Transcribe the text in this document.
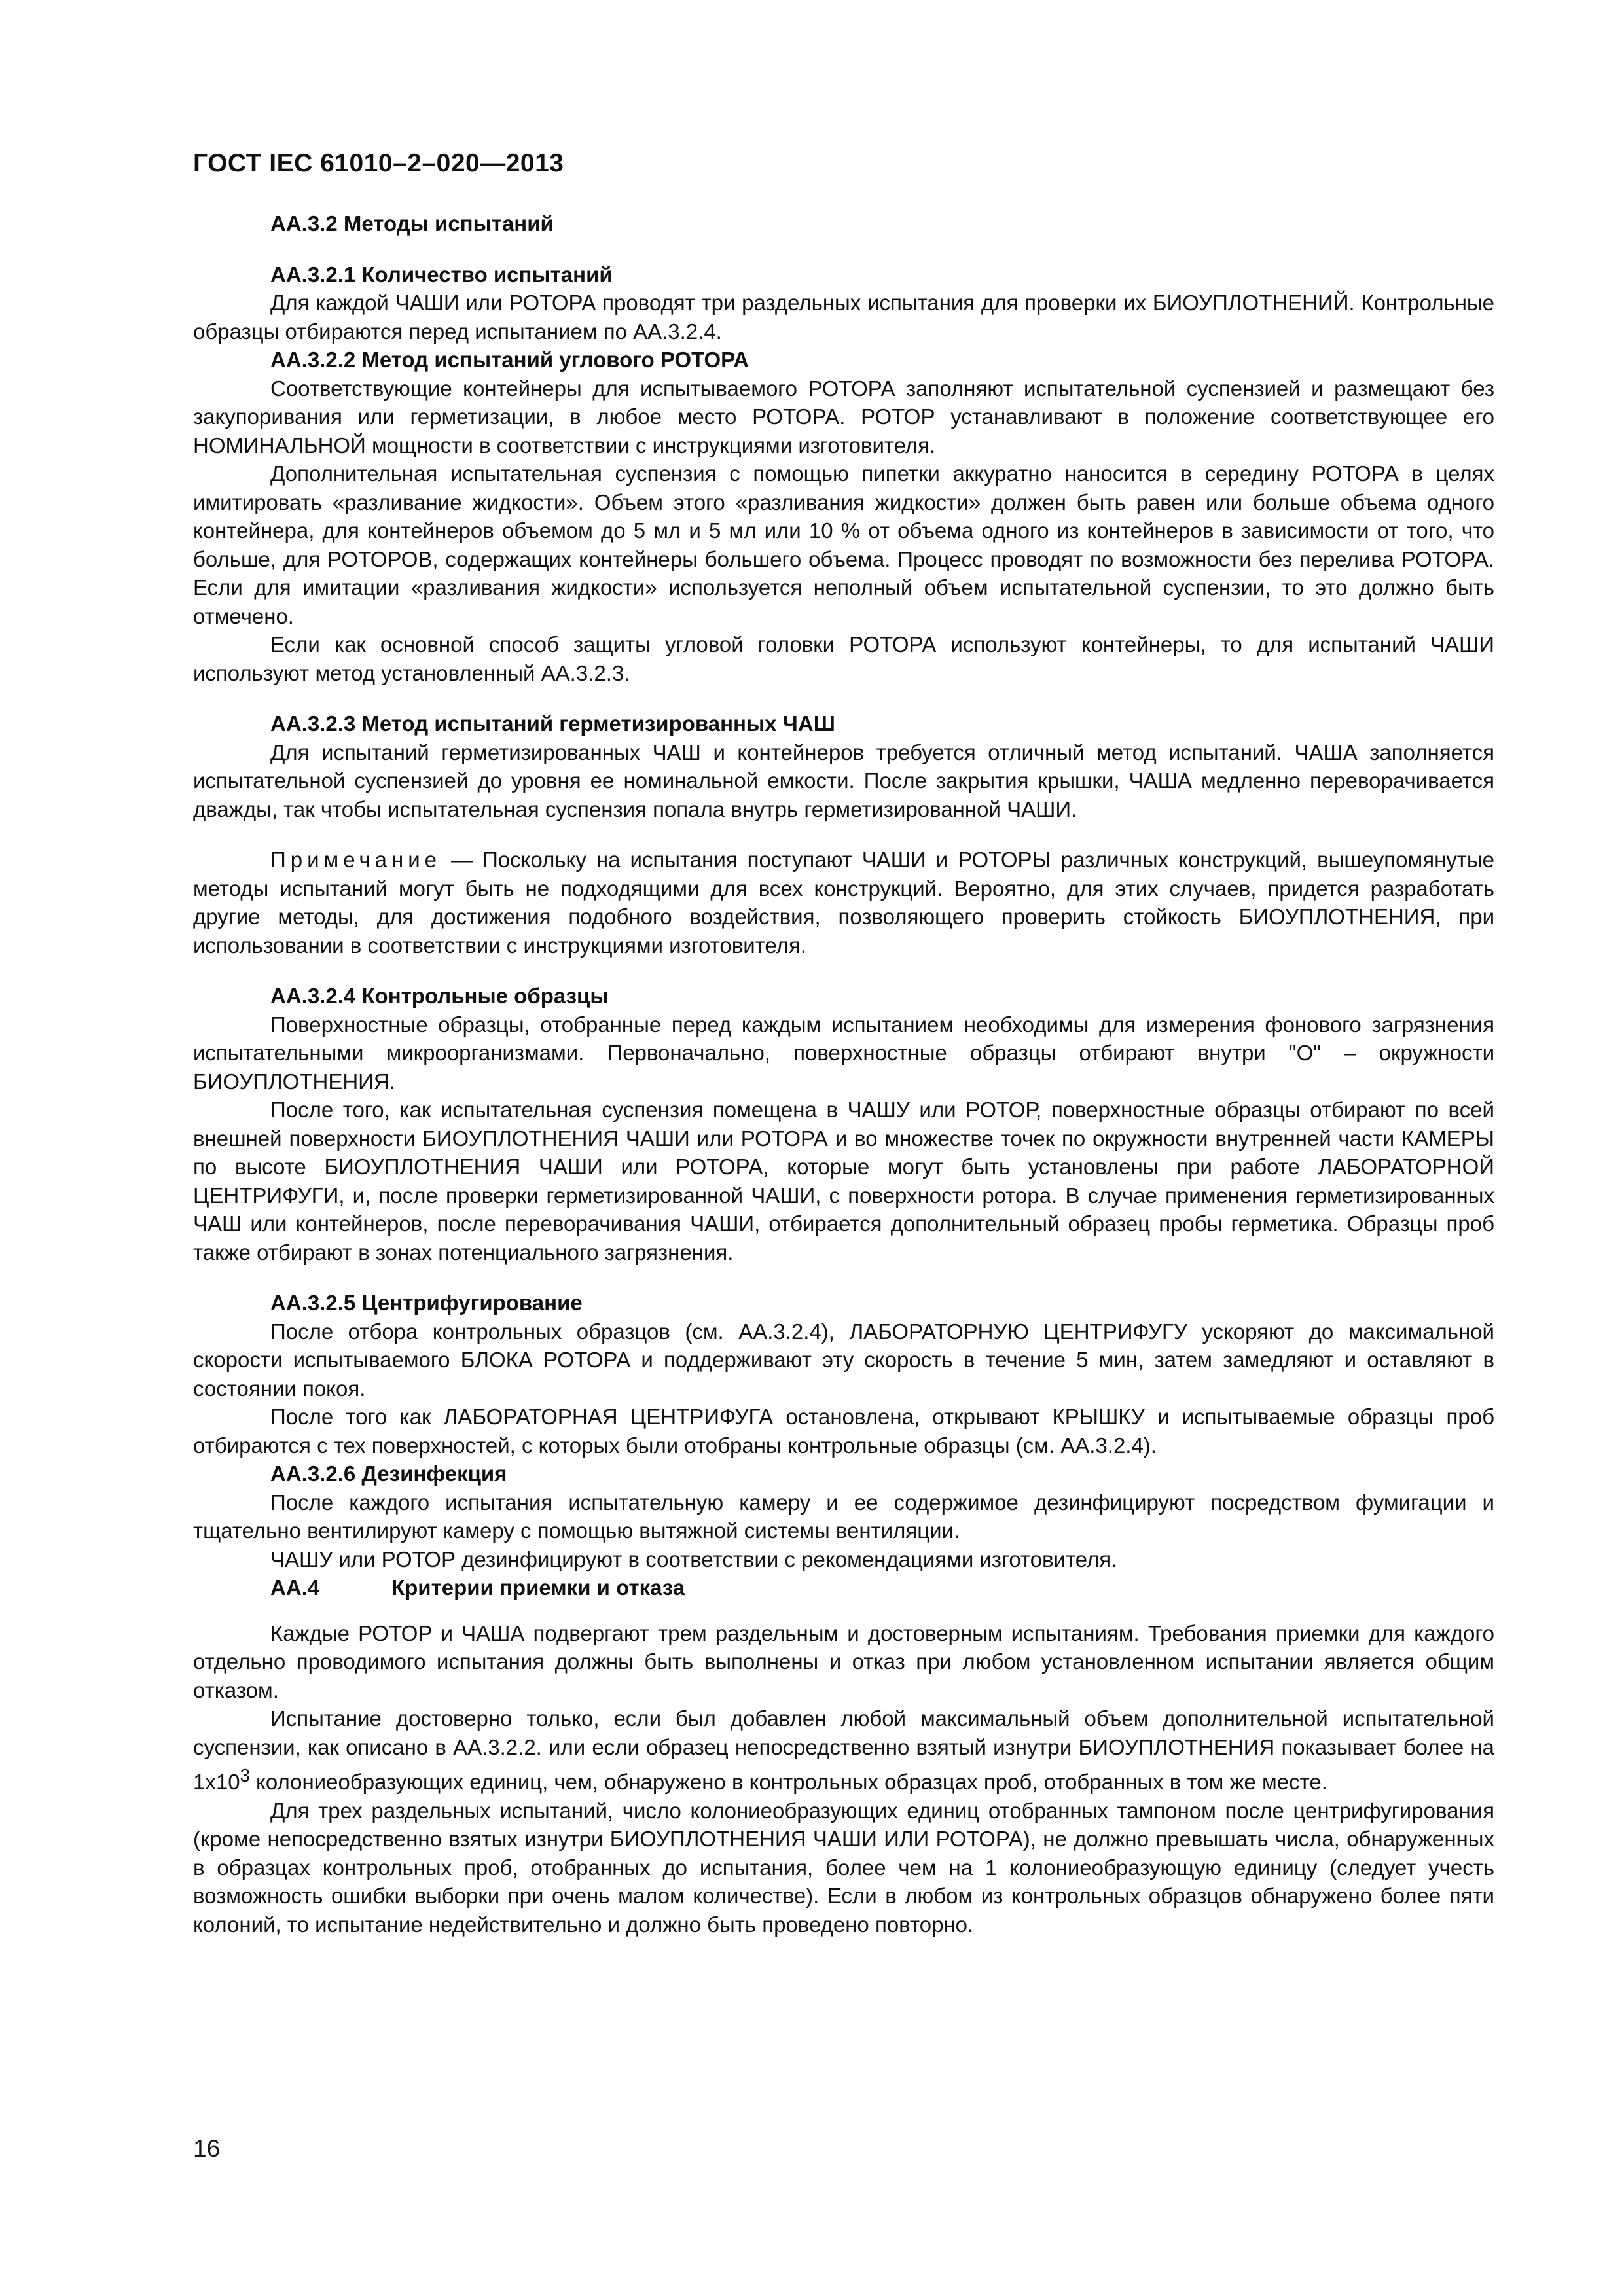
ГОСТ IEC 61010–2–020—2013

АА.3.2 Методы испытаний

АА.3.2.1 Количество испытаний

Для каждой ЧАШИ или РОТОРА проводят три раздельных испытания для проверки их БИОУПЛОТНЕНИЙ. Контрольные образцы отбираются перед испытанием по АА.3.2.4.

АА.3.2.2 Метод испытаний углового РОТОРА

Соответствующие контейнеры для испытываемого РОТОРА заполняют испытательной суспензией и размещают без закупоривания или герметизации, в любое место РОТОРА. РОТОР устанавливают в положение соответствующее его НОМИНАЛЬНОЙ мощности в соответствии с инструкциями изготовителя.

Дополнительная испытательная суспензия с помощью пипетки аккуратно наносится в середину РОТОРА в целях имитировать «разливание жидкости». Объем этого «разливания жидкости» должен быть равен или больше объема одного контейнера, для контейнеров объемом до 5 мл и 5 мл или 10 % от объема одного из контейнеров в зависимости от того, что больше, для РОТОРОВ, содержащих контейнеры большего объема. Процесс проводят по возможности без перелива РОТОРА. Если для имитации «разливания жидкости» используется неполный объем испытательной суспензии, то это должно быть отмечено.

Если как основной способ защиты угловой головки РОТОРА используют контейнеры, то для испытаний ЧАШИ используют метод установленный АА.3.2.3.

АА.3.2.3 Метод испытаний герметизированных ЧАШ

Для испытаний герметизированных ЧАШ и контейнеров требуется отличный метод испытаний. ЧАША заполняется испытательной суспензией до уровня ее номинальной емкости. После закрытия крышки, ЧАША медленно переворачивается дважды, так чтобы испытательная суспензия попала внутрь герметизированной ЧАШИ.

Примечание — Поскольку на испытания поступают ЧАШИ и РОТОРЫ различных конструкций, вышеупомянутые методы испытаний могут быть не подходящими для всех конструкций. Вероятно, для этих случаев, придется разработать другие методы, для достижения подобного воздействия, позволяющего проверить стойкость БИОУПЛОТНЕНИЯ, при использовании в соответствии с инструкциями изготовителя.

АА.3.2.4 Контрольные образцы

Поверхностные образцы, отобранные перед каждым испытанием необходимы для измерения фонового загрязнения испытательными микроорганизмами. Первоначально, поверхностные образцы отбирают внутри "О" – окружности БИОУПЛОТНЕНИЯ.

После того, как испытательная суспензия помещена в ЧАШУ или РОТОР, поверхностные образцы отбирают по всей внешней поверхности БИОУПЛОТНЕНИЯ ЧАШИ или РОТОРА и во множестве точек по окружности внутренней части КАМЕРЫ по высоте БИОУПЛОТНЕНИЯ ЧАШИ или РОТОРА, которые могут быть установлены при работе ЛАБОРАТОРНОЙ ЦЕНТРИФУГИ, и, после проверки герметизированной ЧАШИ, с поверхности ротора. В случае применения герметизированных ЧАШ или контейнеров, после переворачивания ЧАШИ, отбирается дополнительный образец пробы герметика. Образцы проб также отбирают в зонах потенциального загрязнения.

АА.3.2.5 Центрифугирование

После отбора контрольных образцов (см. АА.3.2.4), ЛАБОРАТОРНУЮ ЦЕНТРИФУГУ ускоряют до максимальной скорости испытываемого БЛОКА РОТОРА и поддерживают эту скорость в течение 5 мин, затем замедляют и оставляют в состоянии покоя.

После того как ЛАБОРАТОРНАЯ ЦЕНТРИФУГА остановлена, открывают КРЫШКУ и испытываемые образцы проб отбираются с тех поверхностей, с которых были отобраны контрольные образцы (см. АА.3.2.4).

АА.3.2.6 Дезинфекция

После каждого испытания испытательную камеру и ее содержимое дезинфицируют посредством фумигации и тщательно вентилируют камеру с помощью вытяжной системы вентиляции.

ЧАШУ или РОТОР дезинфицируют в соответствии с рекомендациями изготовителя.

АА.4	Критерии приемки и отказа

Каждые РОТОР и ЧАША подвергают трем раздельным и достоверным испытаниям. Требования приемки для каждого отдельно проводимого испытания должны быть выполнены и отказ при любом установленном испытании является общим отказом.

Испытание достоверно только, если был добавлен любой максимальный объем дополнительной испытательной суспензии, как описано в АА.3.2.2. или если образец непосредственно взятый изнутри БИОУПЛОТНЕНИЯ показывает более на $1х10^3$ колониеобразующих единиц, чем, обнаружено в контрольных образцах проб, отобранных в том же месте.

Для трех раздельных испытаний, число колониеобразующих единиц отобранных тампоном после центрифугирования (кроме непосредственно взятых изнутри БИОУПЛОТНЕНИЯ ЧАШИ ИЛИ РОТОРА), не должно превышать числа, обнаруженных в образцах контрольных проб, отобранных до испытания, более чем на 1 колониеобразующую единицу (следует учесть возможность ошибки выборки при очень малом количестве). Если в любом из контрольных образцов обнаружено более пяти колоний, то испытание недействительно и должно быть проведено повторно.

16
